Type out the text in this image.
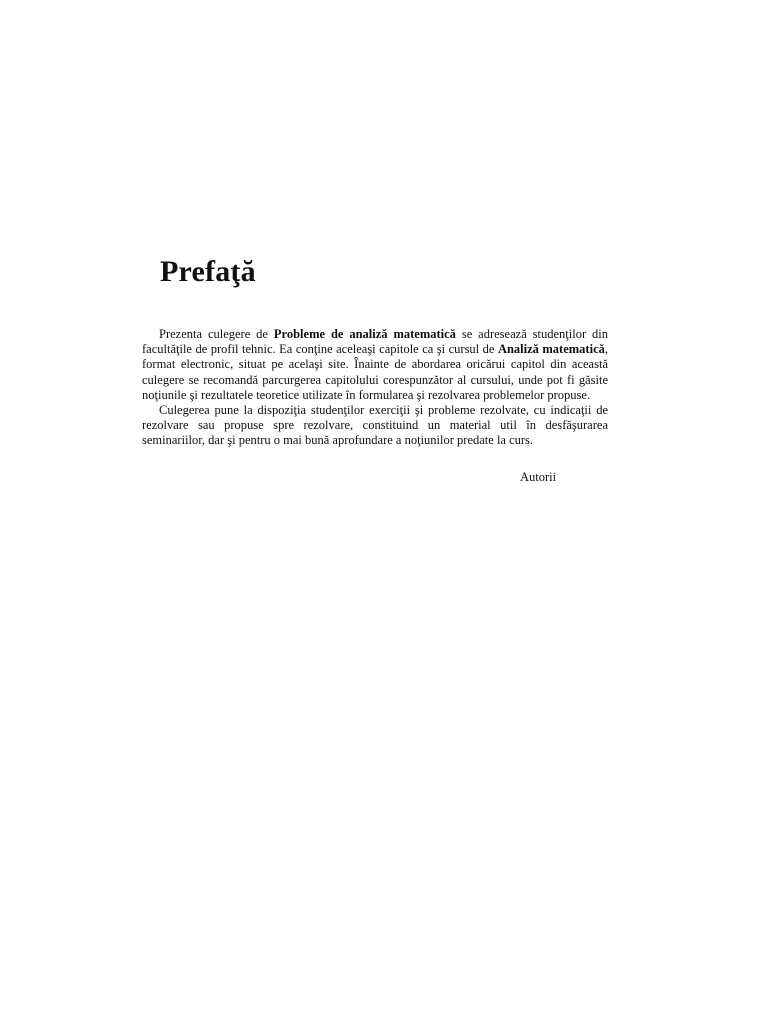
Prefaţă

Prezenta culegere de Probleme de analiză matematică se adresează studenţilor din facultăţile de profil tehnic. Ea conţine aceleaşi capitole ca şi cursul de Analiză matematică, format electronic, situat pe acelaşi site. Înainte de abordarea oricărui capitol din această culegere se recomandă parcurgerea capitolului corespunzător al cursului, unde pot fi găsite noţiunile şi rezultatele teoretice utilizate în formularea şi rezolvarea problemelor propuse.

Culegerea pune la dispoziţia studenţilor exerciţii şi probleme rezolvate, cu indicaţii de rezolvare sau propuse spre rezolvare, constituind un material util în desfăşurarea seminariilor, dar şi pentru o mai bună aprofundare a noţiunilor predate la curs.

Autorii
